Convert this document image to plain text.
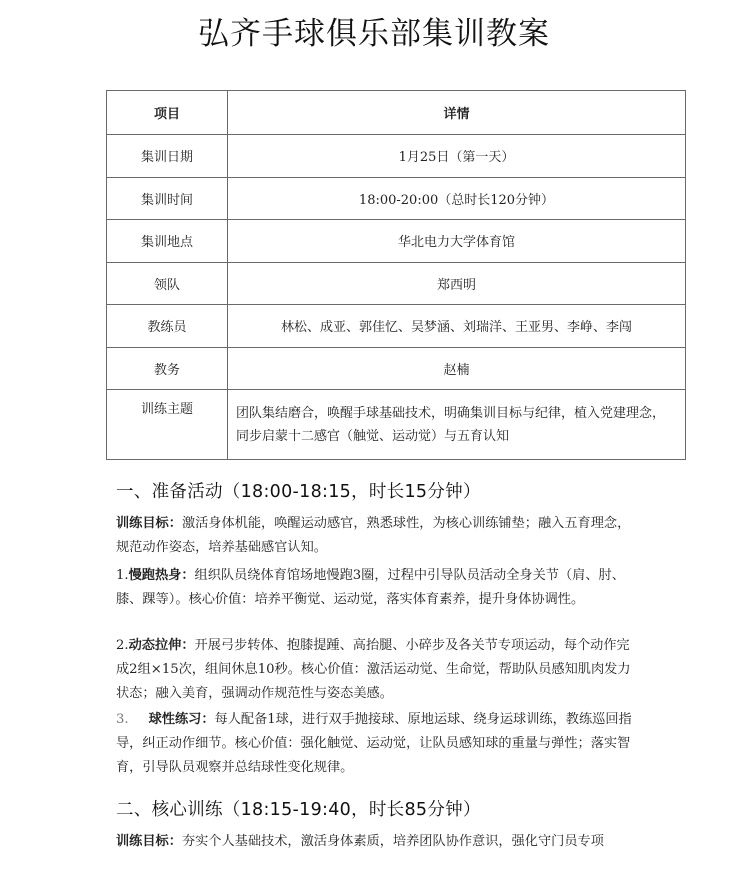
弘齐手球俱乐部集训教案
项目	详情
集训日期	1月25日（第一天）
集训时间	18:00-20:00（总时长120分钟）
集训地点	华北电力大学体育馆
领队	郑西明
教练员	林松、成亚、郭佳忆、吴梦涵、刘瑞洋、王亚男、李峥、李闯
教务	赵楠
训练主题	团队集结磨合，唤醒手球基础技术，明确集训目标与纪律，植入党建理念，
同步启蒙十二感官（触觉、运动觉）与五育认知
一、准备活动（18:00-18:15，时长15分钟）

训练目标：激活身体机能，唤醒运动感官，熟悉球性，为核心训练铺垫；融入五育理念，规范动作姿态，培养基础感官认知。

1.慢跑热身：组织队员绕体育馆场地慢跑3圈，过程中引导队员活动全身关节（肩、肘、膝、踝等）。核心价值：培养平衡觉、运动觉，落实体育素养，提升身体协调性。

2.动态拉伸：开展弓步转体、抱膝提踵、高抬腿、小碎步及各关节专项运动，每个动作完成2组×15次，组间休息10秒。核心价值：激活运动觉、生命觉，帮助队员感知肌肉发力状态；融入美育，强调动作规范性与姿态美感。

3. 球性练习：每人配备1球，进行双手抛接球、原地运球、绕身运球训练，教练巡回指导，纠正动作细节。核心价值：强化触觉、运动觉，让队员感知球的重量与弹性；落实智育，引导队员观察并总结球性变化规律。

二、核心训练（18:15-19:40，时长85分钟）

训练目标：夯实个人基础技术，激活身体素质，培养团队协作意识，强化守门员专项
